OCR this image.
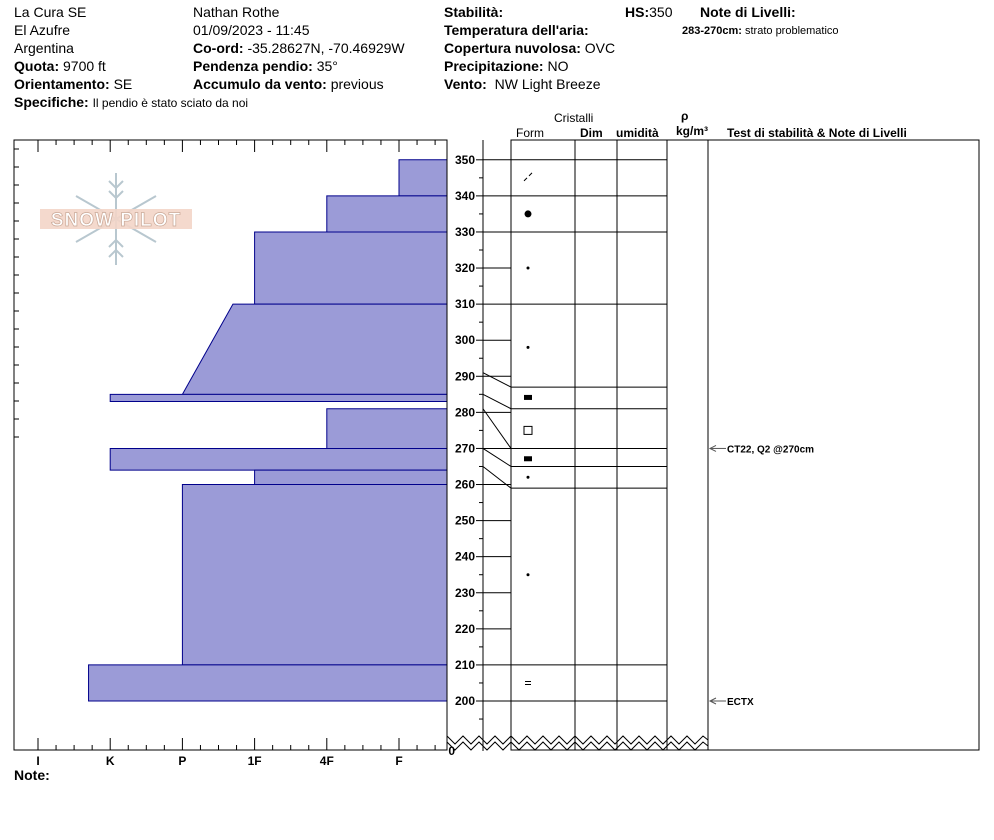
La Cura SE
El Azufre
Argentina
Quota: 9700 ft
Orientamento: SE
Specifiche: Il pendio è stato sciato da noi
Nathan Rothe
01/09/2023 - 11:45
Co-ord: -35.28627N, -70.46929W
Pendenza pendio: 35°
Accumulo da vento: previous
Stabilità:
Temperatura dell'aria:
Copertura nuvolosa: OVC
Precipitazione: NO
Vento: NW Light Breeze
HS:350 Note di Livelli:
283-270cm: strato problematico
Cristalli
Form	Dim umidità
ρ
kg/m³ Test di stabilità & Note di Livelli
SNOW PILOT
350
340
330
320
310
300
290
280
270
260
250
240
230
220
210
200
CT22, Q2 @270cm
ECTX
0
I	K	P	1F	4F	F
Note:
